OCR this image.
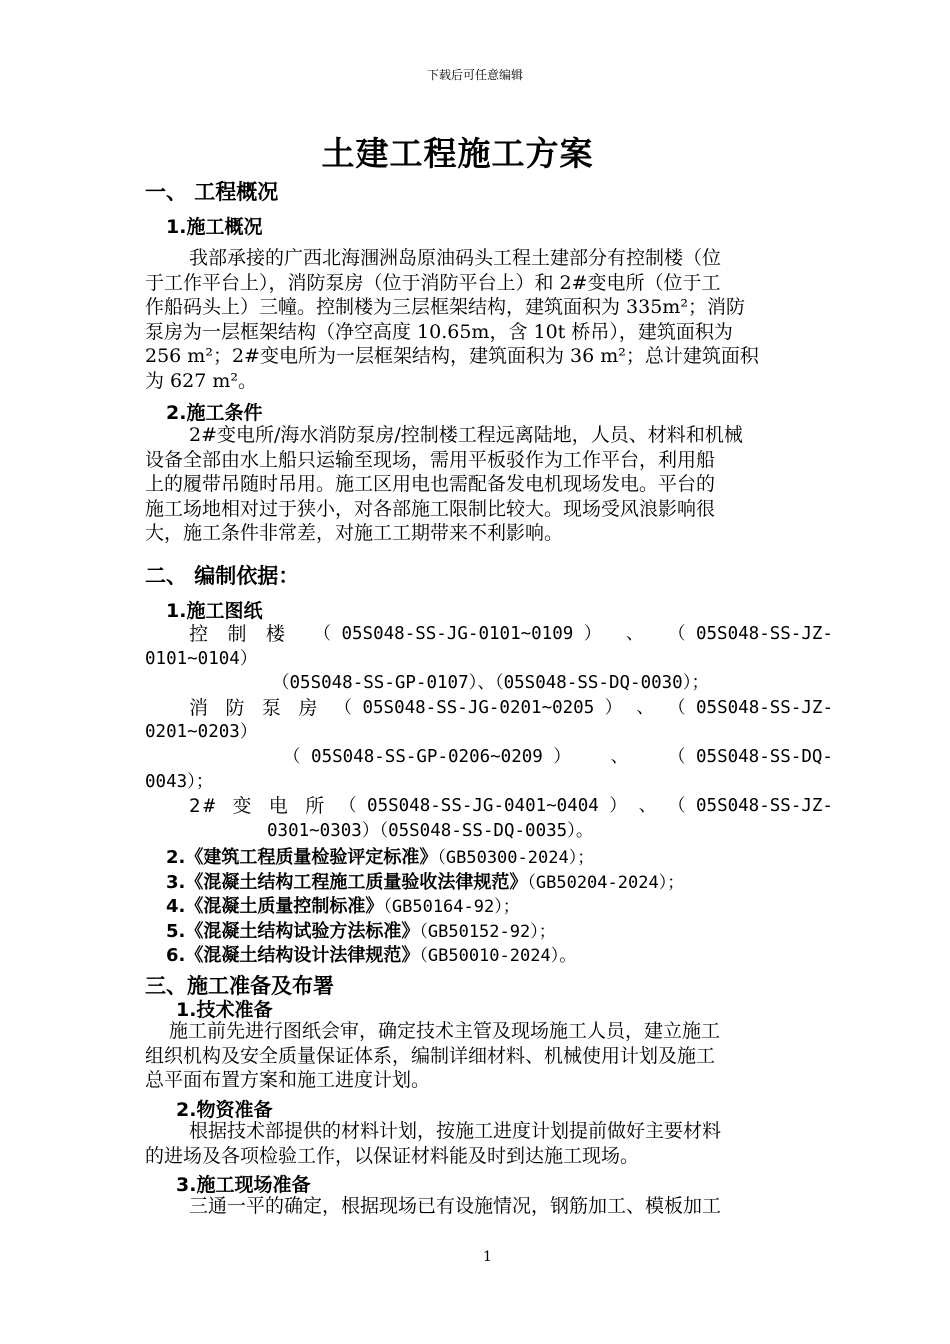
下载后可任意编辑
土建工程施工方案
一、 工程概况
1.施工概况
我部承接的广西北海涠洲岛原油码头工程土建部分有控制楼（位
于工作平台上），消防泵房（位于消防平台上）和 2#变电所（位于工
作船码头上）三幢。控制楼为三层框架结构，建筑面积为 335m²；消防
泵房为一层框架结构（净空高度 10.65m，含 10t 桥吊），建筑面积为
256 m²；2#变电所为一层框架结构，建筑面积为 36 m²；总计建筑面积
为 627 m²。
2.施工条件
2#变电所/海水消防泵房/控制楼工程远离陆地，人员、材料和机械
设备全部由水上船只运输至现场，需用平板驳作为工作平台，利用船
上的履带吊随时吊用。施工区用电也需配备发电机现场发电。平台的
施工场地相对过于狭小，对各部施工限制比较大。现场受风浪影响很
大，施工条件非常差，对施工工期带来不利影响。
二、 编制依据：
1.施工图纸
控 制 楼 （ 05S048-SS-JG-0101~0109 ） 、 （ 05S048-SS-JZ-
0101~0104）
（05S048-SS-GP-0107）、（05S048-SS-DQ-0030）；
消 防 泵 房 （ 05S048-SS-JG-0201~0205 ） 、 （ 05S048-SS-JZ-
0201~0203）
（ 05S048-SS-GP-0206~0209 ） 、 （ 05S048-SS-DQ-
0043）；
2# 变 电 所 （ 05S048-SS-JG-0401~0404 ） 、 （ 05S048-SS-JZ-
0301~0303）（05S048-SS-DQ-0035）。
2.《建筑工程质量检验评定标准》（GB50300-2024）；
3.《混凝土结构工程施工质量验收法律规范》（GB50204-2024）；
4.《混凝土质量控制标准》（GB50164-92）；
5.《混凝土结构试验方法标准》（GB50152-92）；
6.《混凝土结构设计法律规范》（GB50010-2024）。
三、施工准备及布署
1.技术准备
施工前先进行图纸会审，确定技术主管及现场施工人员，建立施工
组织机构及安全质量保证体系，编制详细材料、机械使用计划及施工
总平面布置方案和施工进度计划。
2.物资准备
根据技术部提供的材料计划，按施工进度计划提前做好主要材料
的进场及各项检验工作，以保证材料能及时到达施工现场。
3.施工现场准备
三通一平的确定，根据现场已有设施情况，钢筋加工、模板加工
1
